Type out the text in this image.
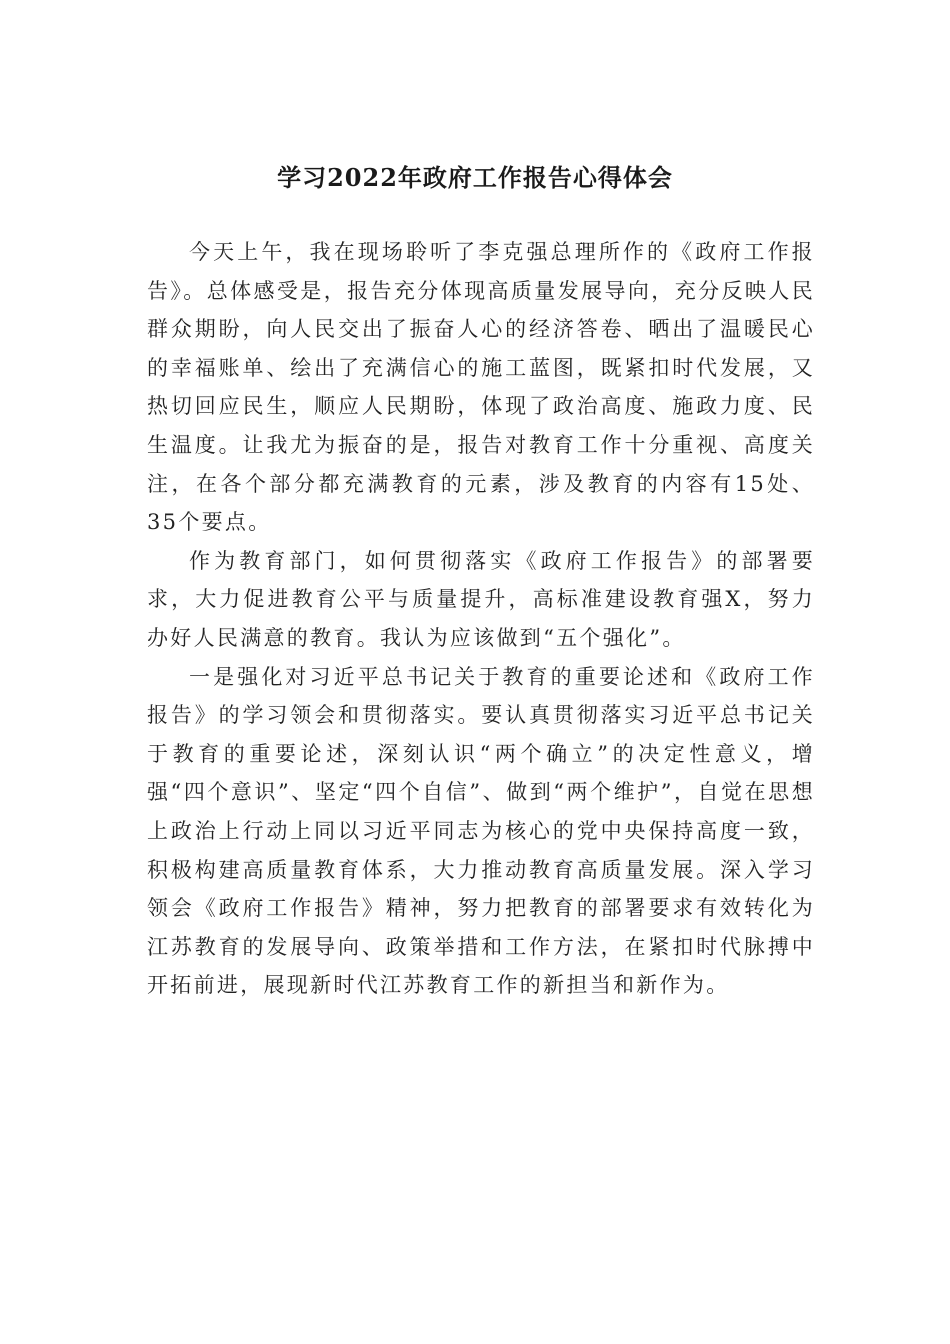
学习2022年政府工作报告心得体会

今天上午，我在现场聆听了李克强总理所作的《政府工作报告》。总体感受是，报告充分体现高质量发展导向，充分反映人民群众期盼，向人民交出了振奋人心的经济答卷、晒出了温暖民心的幸福账单、绘出了充满信心的施工蓝图，既紧扣时代发展，又热切回应民生，顺应人民期盼，体现了政治高度、施政力度、民生温度。让我尤为振奋的是，报告对教育工作十分重视、高度关注，在各个部分都充满教育的元素，涉及教育的内容有15处、35个要点。

作为教育部门，如何贯彻落实《政府工作报告》的部署要求，大力促进教育公平与质量提升，高标准建设教育强X，努力办好人民满意的教育。我认为应该做到“五个强化”。

一是强化对习近平总书记关于教育的重要论述和《政府工作报告》的学习领会和贯彻落实。要认真贯彻落实习近平总书记关于教育的重要论述，深刻认识“两个确立”的决定性意义，增强“四个意识”、坚定“四个自信”、做到“两个维护”，自觉在思想上政治上行动上同以习近平同志为核心的党中央保持高度一致，积极构建高质量教育体系，大力推动教育高质量发展。深入学习领会《政府工作报告》精神，努力把教育的部署要求有效转化为江苏教育的发展导向、政策举措和工作方法，在紧扣时代脉搏中开拓前进，展现新时代江苏教育工作的新担当和新作为。
